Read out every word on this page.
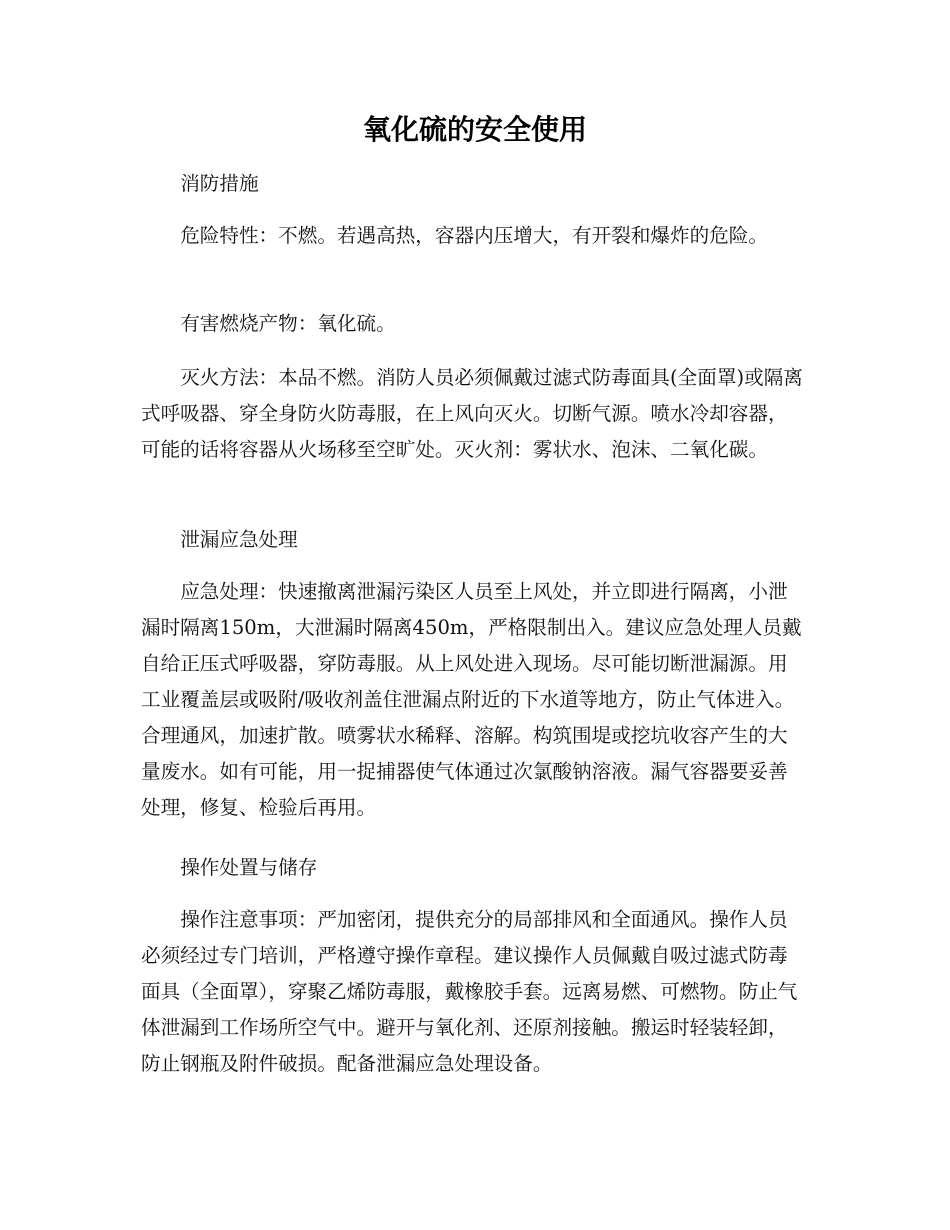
氧化硫的安全使用

消防措施

危险特性：不燃。若遇高热，容器内压增大，有开裂和爆炸的危险。

有害燃烧产物：氧化硫。

灭火方法：本品不燃。消防人员必须佩戴过滤式防毒面具(全面罩)或隔离式呼吸器、穿全身防火防毒服，在上风向灭火。切断气源。喷水冷却容器，可能的话将容器从火场移至空旷处。灭火剂：雾状水、泡沫、二氧化碳。

泄漏应急处理

应急处理：快速撤离泄漏污染区人员至上风处，并立即进行隔离，小泄漏时隔离150m，大泄漏时隔离450m，严格限制出入。建议应急处理人员戴自给正压式呼吸器，穿防毒服。从上风处进入现场。尽可能切断泄漏源。用工业覆盖层或吸附/吸收剂盖住泄漏点附近的下水道等地方，防止气体进入。合理通风，加速扩散。喷雾状水稀释、溶解。构筑围堤或挖坑收容产生的大量废水。如有可能，用一捉捕器使气体通过次氯酸钠溶液。漏气容器要妥善处理，修复、检验后再用。

操作处置与储存

操作注意事项：严加密闭，提供充分的局部排风和全面通风。操作人员必须经过专门培训，严格遵守操作章程。建议操作人员佩戴自吸过滤式防毒面具（全面罩），穿聚乙烯防毒服，戴橡胶手套。远离易燃、可燃物。防止气体泄漏到工作场所空气中。避开与氧化剂、还原剂接触。搬运时轻装轻卸，防止钢瓶及附件破损。配备泄漏应急处理设备。
